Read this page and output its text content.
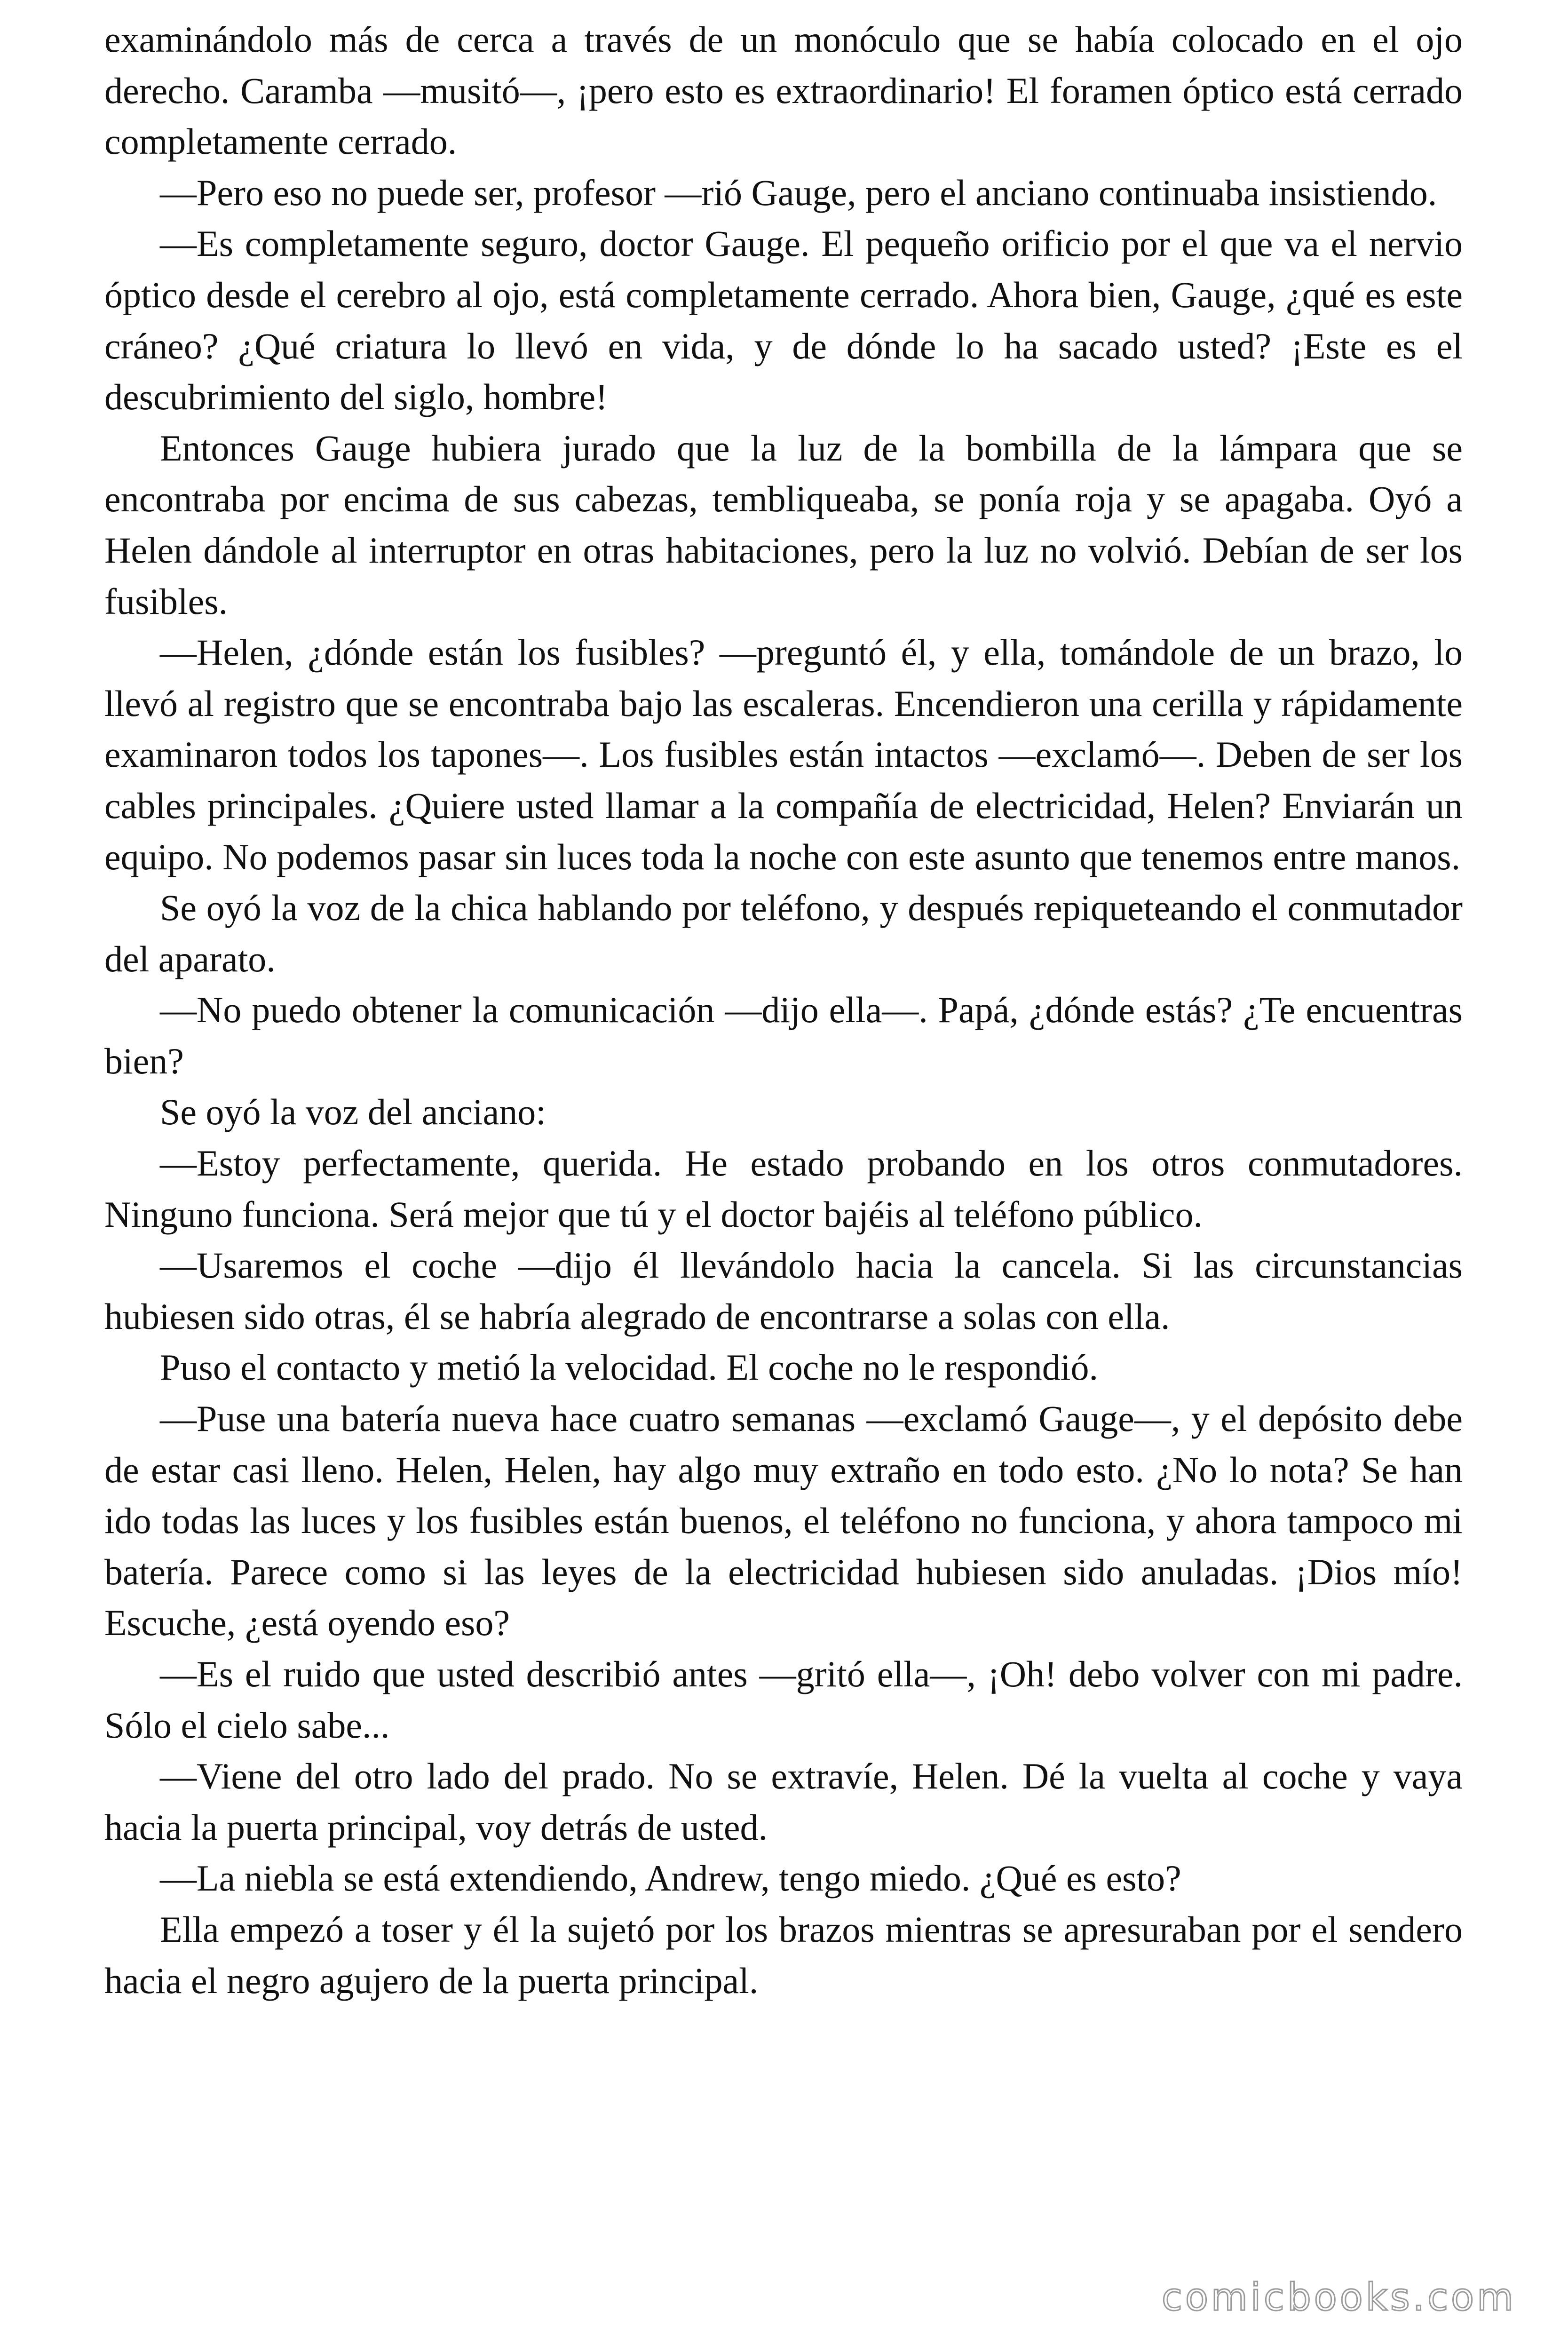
examinándolo más de cerca a través de un monóculo que se había colocado en el ojo derecho. Caramba —musitó—, ¡pero esto es extraordinario! El foramen óptico está cerrado completamente cerrado.

—Pero eso no puede ser, profesor —rió Gauge, pero el anciano continuaba insistiendo.

—Es completamente seguro, doctor Gauge. El pequeño orificio por el que va el nervio óptico desde el cerebro al ojo, está completamente cerrado. Ahora bien, Gauge, ¿qué es este cráneo? ¿Qué criatura lo llevó en vida, y de dónde lo ha sacado usted? ¡Este es el descubrimiento del siglo, hombre!

Entonces Gauge hubiera jurado que la luz de la bombilla de la lámpara que se encontraba por encima de sus cabezas, tembliqueaba, se ponía roja y se apagaba. Oyó a Helen dándole al interruptor en otras habitaciones, pero la luz no volvió. Debían de ser los fusibles.

—Helen, ¿dónde están los fusibles? —preguntó él, y ella, tomándole de un brazo, lo llevó al registro que se encontraba bajo las escaleras. Encendieron una cerilla y rápidamente examinaron todos los tapones—. Los fusibles están intactos —exclamó—. Deben de ser los cables principales. ¿Quiere usted llamar a la compañía de electricidad, Helen? Enviarán un equipo. No podemos pasar sin luces toda la noche con este asunto que tenemos entre manos.

Se oyó la voz de la chica hablando por teléfono, y después repiqueteando el conmutador del aparato.

—No puedo obtener la comunicación —dijo ella—. Papá, ¿dónde estás? ¿Te encuentras bien?

Se oyó la voz del anciano:

—Estoy perfectamente, querida. He estado probando en los otros conmutadores. Ninguno funciona. Será mejor que tú y el doctor bajéis al teléfono público.

—Usaremos el coche —dijo él llevándolo hacia la cancela. Si las circunstancias hubiesen sido otras, él se habría alegrado de encontrarse a solas con ella.

Puso el contacto y metió la velocidad. El coche no le respondió.

—Puse una batería nueva hace cuatro semanas —exclamó Gauge—, y el depósito debe de estar casi lleno. Helen, Helen, hay algo muy extraño en todo esto. ¿No lo nota? Se han ido todas las luces y los fusibles están buenos, el teléfono no funciona, y ahora tampoco mi batería. Parece como si las leyes de la electricidad hubiesen sido anuladas. ¡Dios mío! Escuche, ¿está oyendo eso?

—Es el ruido que usted describió antes —gritó ella—, ¡Oh! debo volver con mi padre. Sólo el cielo sabe...

—Viene del otro lado del prado. No se extravíe, Helen. Dé la vuelta al coche y vaya hacia la puerta principal, voy detrás de usted.

—La niebla se está extendiendo, Andrew, tengo miedo. ¿Qué es esto?

Ella empezó a toser y él la sujetó por los brazos mientras se apresuraban por el sendero hacia el negro agujero de la puerta principal.

comicbooks.com
